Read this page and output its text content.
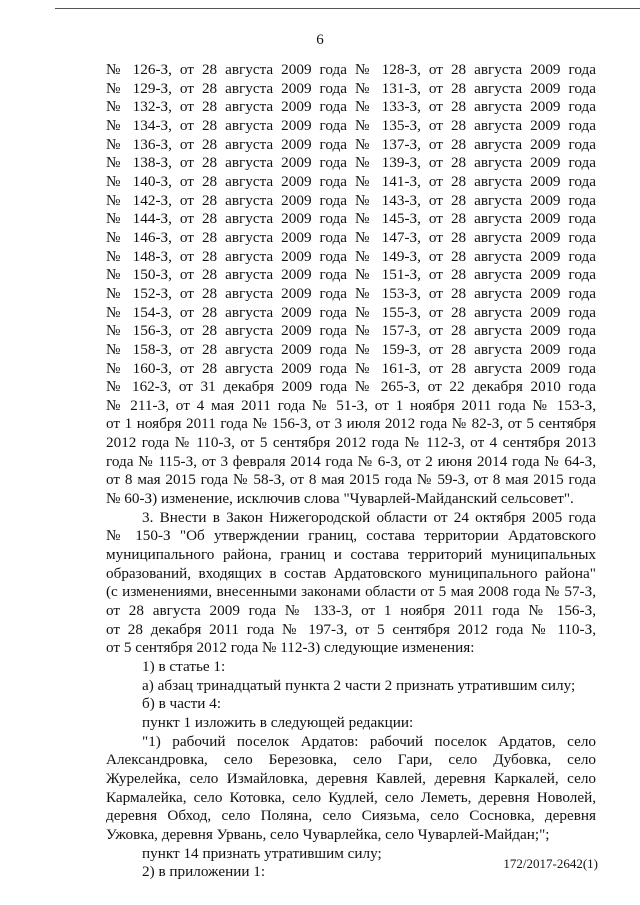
6
№ 126-З, от 28 августа 2009 года № 128-З, от 28 августа 2009 года
№ 129-З, от 28 августа 2009 года № 131-З, от 28 августа 2009 года
№ 132-З, от 28 августа 2009 года № 133-З, от 28 августа 2009 года
№ 134-З, от 28 августа 2009 года № 135-З, от 28 августа 2009 года
№ 136-З, от 28 августа 2009 года № 137-З, от 28 августа 2009 года
№ 138-З, от 28 августа 2009 года № 139-З, от 28 августа 2009 года
№ 140-З, от 28 августа 2009 года № 141-З, от 28 августа 2009 года
№ 142-З, от 28 августа 2009 года № 143-З, от 28 августа 2009 года
№ 144-З, от 28 августа 2009 года № 145-З, от 28 августа 2009 года
№ 146-З, от 28 августа 2009 года № 147-З, от 28 августа 2009 года
№ 148-З, от 28 августа 2009 года № 149-З, от 28 августа 2009 года
№ 150-З, от 28 августа 2009 года № 151-З, от 28 августа 2009 года
№ 152-З, от 28 августа 2009 года № 153-З, от 28 августа 2009 года
№ 154-З, от 28 августа 2009 года № 155-З, от 28 августа 2009 года
№ 156-З, от 28 августа 2009 года № 157-З, от 28 августа 2009 года
№ 158-З, от 28 августа 2009 года № 159-З, от 28 августа 2009 года
№ 160-З, от 28 августа 2009 года № 161-З, от 28 августа 2009 года
№ 162-З, от 31 декабря 2009 года № 265-З, от 22 декабря 2010 года
№ 211-З, от 4 мая 2011 года № 51-З, от 1 ноября 2011 года № 153-З,
от 1 ноября 2011 года № 156-З, от 3 июля 2012 года № 82-З, от 5 сентября
2012 года № 110-З, от 5 сентября 2012 года № 112-З, от 4 сентября 2013
года № 115-З, от 3 февраля 2014 года № 6-З, от 2 июня 2014 года № 64-З,
от 8 мая 2015 года № 58-З, от 8 мая 2015 года № 59-З, от 8 мая 2015 года
№ 60-З) изменение, исключив слова "Чуварлей-Майданский сельсовет".
3. Внести в Закон Нижегородской области от 24 октября 2005 года
№ 150-З "Об утверждении границ, состава территории Ардатовского
муниципального района, границ и состава территорий муниципальных
образований, входящих в состав Ардатовского муниципального района"
(с изменениями, внесенными законами области от 5 мая 2008 года № 57-З,
от 28 августа 2009 года № 133-З, от 1 ноября 2011 года № 156-З,
от 28 декабря 2011 года № 197-З, от 5 сентября 2012 года № 110-З,
от 5 сентября 2012 года № 112-З) следующие изменения:
1) в статье 1:
а) абзац тринадцатый пункта 2 части 2 признать утратившим силу;
б) в части 4:
пункт 1 изложить в следующей редакции:
"1) рабочий поселок Ардатов: рабочий поселок Ардатов, село
Александровка, село Березовка, село Гари, село Дубовка, село
Журелейка, село Измайловка, деревня Кавлей, деревня Каркалей, село
Кармалейка, село Котовка, село Кудлей, село Леметь, деревня Новолей,
деревня Обход, село Поляна, село Сиязьма, село Сосновка, деревня
Ужовка, деревня Урвань, село Чуварлейка, село Чуварлей-Майдан;";
пункт 14 признать утратившим силу;
2) в приложении 1:	172/2017-2642(1)
